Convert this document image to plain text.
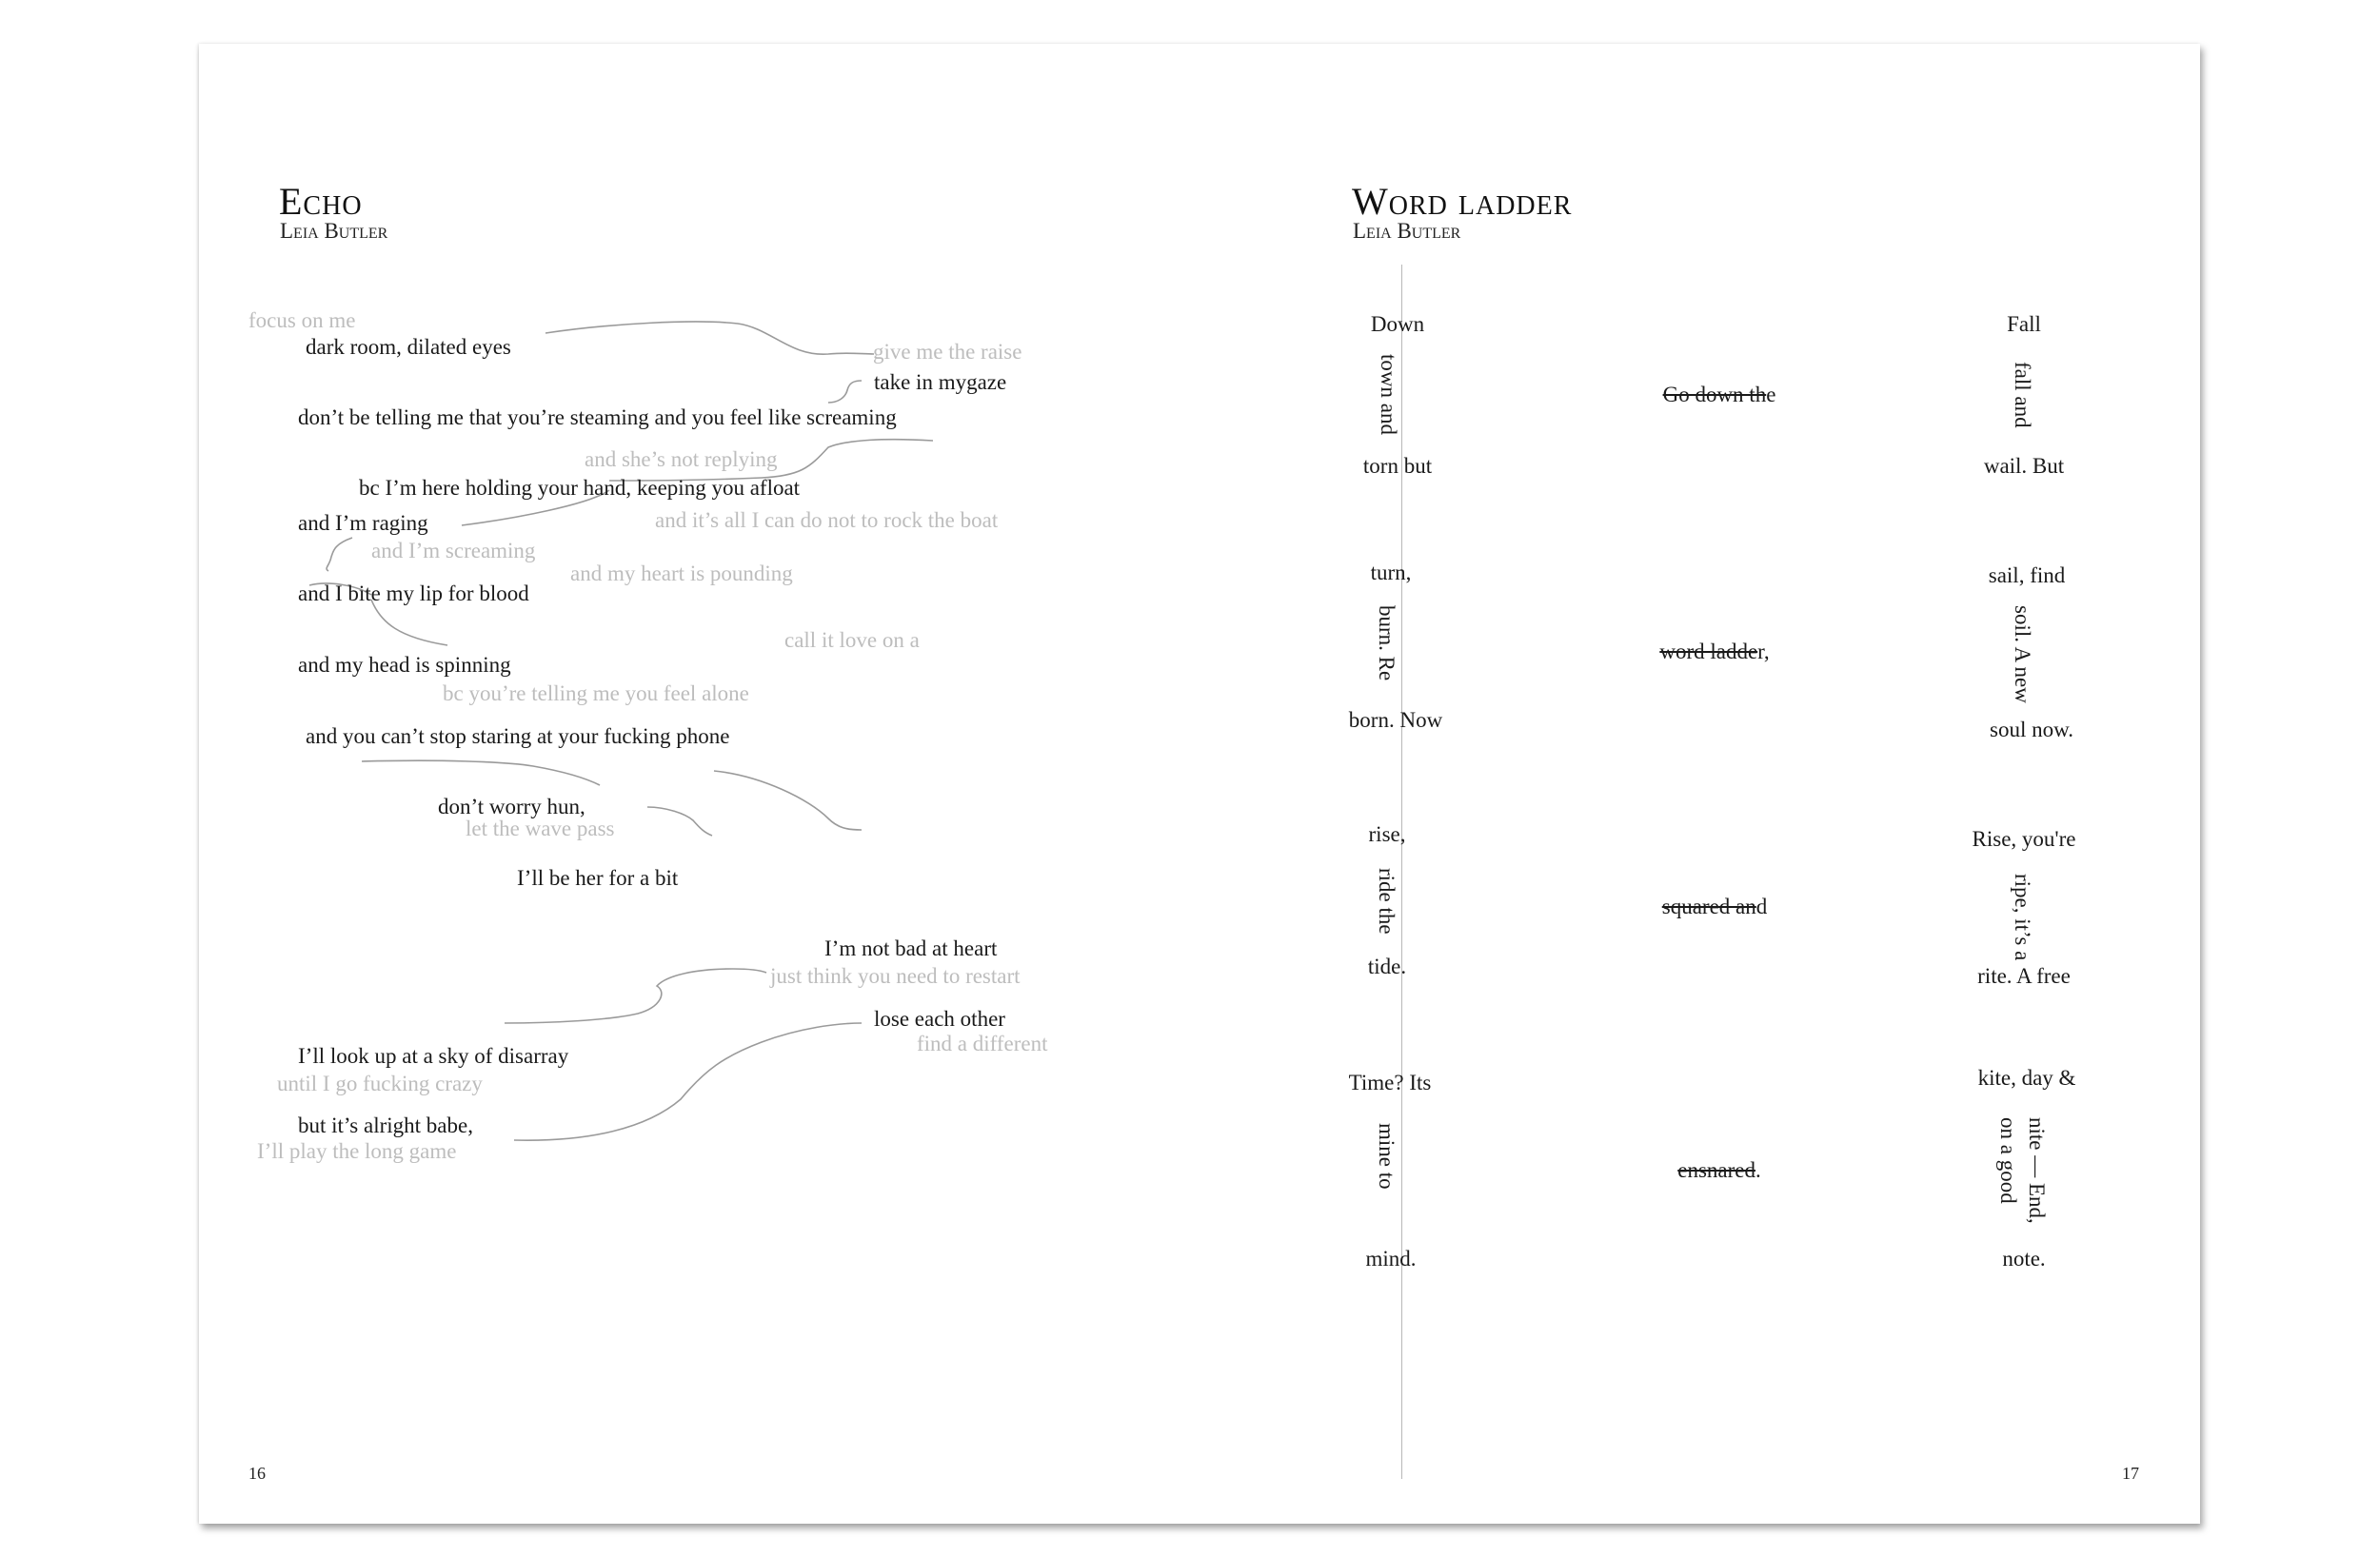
Echo
Leia Butler
focus on me
dark room, dilated eyes	give me the raise
take in mygaze
don’t be telling me that you’re steaming and you feel like screaming
and she’s not replying
bc I’m here holding your hand, keeping you afloat
and it’s all I can do not to rock the boat
and I’m raging
and I’m screaming
and my heart is pounding
and I bite my lip for blood
call it love on a
and my head is spinning
bc you’re telling me you feel alone
and you can’t stop staring at your fucking phone
don’t worry hun,
let the wave pass
I’ll be her for a bit
I’m not bad at heart
just think you need to restart
lose each other
find a different
I’ll look up at a sky of disarray
until I go fucking crazy
but it’s alright babe,
I’ll play the long game
16
Word ladder
Leia Butler
Down
town and
torn but
Go down the
Fall
fall and
wail. But
turn,
burn. Re
born. Now
word ladder,
sail, find
soil. A new
soul now.
rise,
ride the
tide.
squared and
Rise, you're
ripe, it’s a
rite. A free
Time? Its
mine to
mind.
ensnared.
kite, day &
nite — End,
on a good
note.
17
